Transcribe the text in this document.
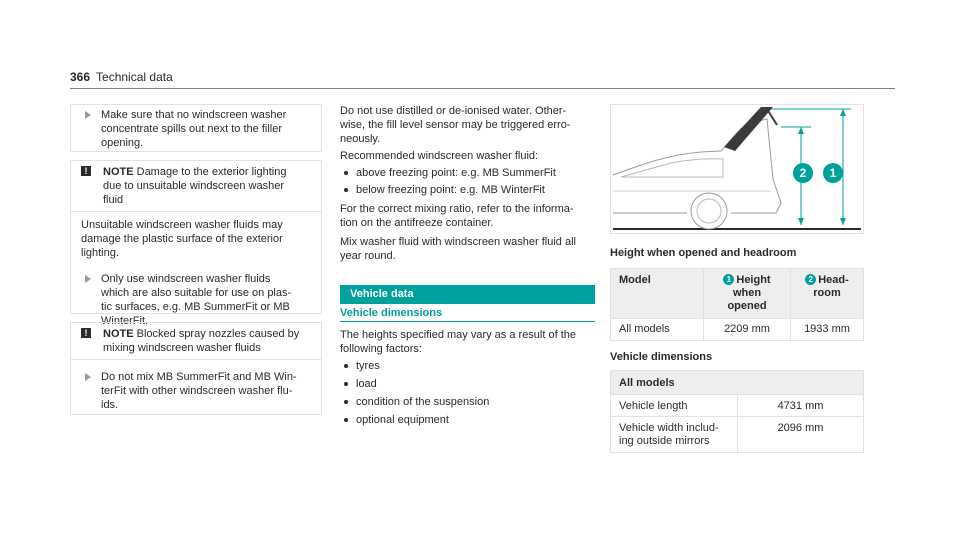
366 Technical data
Make sure that no windscreen washer
concentrate spills out next to the filler
opening.
!	NOTE Damage to the exterior lighting
due to unsuitable windscreen washer
fluid
Unsuitable windscreen washer fluids may
damage the plastic surface of the exterior
lighting.
Only use windscreen washer fluids
which are also suitable for use on plas-
tic surfaces, e.g. MB SummerFit or MB
WinterFit.
!	NOTE Blocked spray nozzles caused by
mixing windscreen washer fluids
Do not mix MB SummerFit and MB Win-
terFit with other windscreen washer flu-
ids.

Do not use distilled or de-ionised water. Other-
wise, the fill level sensor may be triggered erro-
neously.

Recommended windscreen washer fluid:

above freezing point: e.g. MB SummerFit
below freezing point: e.g. MB WinterFit

For the correct mixing ratio, refer to the informa-
tion on the antifreeze container.

Mix washer fluid with windscreen washer fluid all
year round.

Vehicle data
Vehicle dimensions

The heights specified may vary as a result of the
following factors:

tyres
load
condition of the suspension
optional equipment
2 1
Height when opened and headroom
Model	1 Height
when
opened	2 Head-
room
All models	2209 mm	1933 mm
Vehicle dimensions
All models	
Vehicle length	4731 mm
Vehicle width includ-
ing outside mirrors	2096 mm
